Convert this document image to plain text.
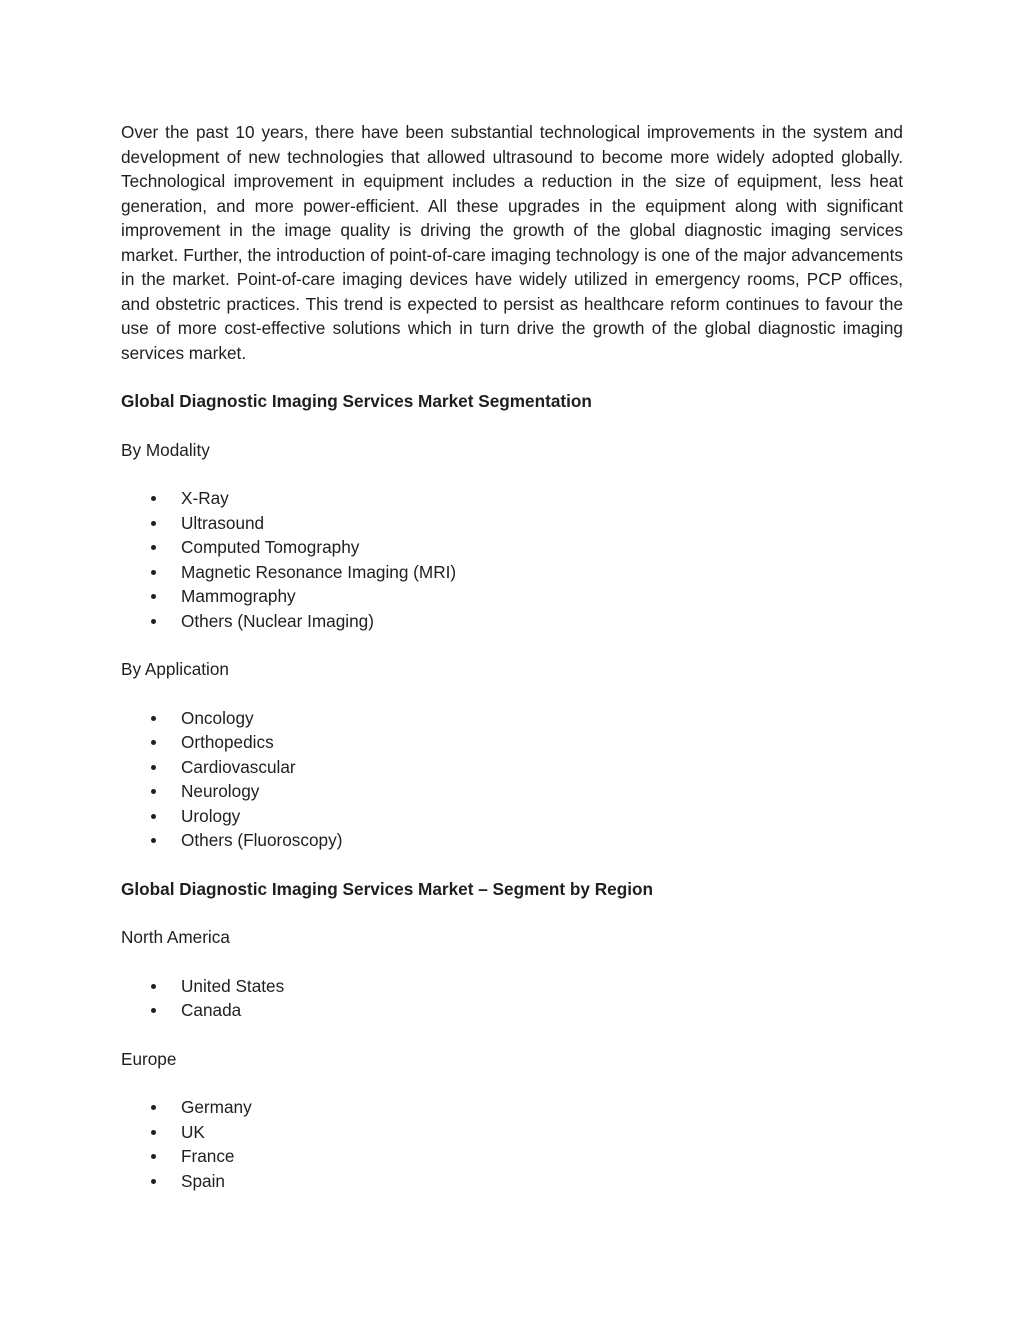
Over the past 10 years, there have been substantial technological improvements in the system and development of new technologies that allowed ultrasound to become more widely adopted globally. Technological improvement in equipment includes a reduction in the size of equipment, less heat generation, and more power-efficient. All these upgrades in the equipment along with significant improvement in the image quality is driving the growth of the global diagnostic imaging services market. Further, the introduction of point-of-care imaging technology is one of the major advancements in the market. Point-of-care imaging devices have widely utilized in emergency rooms, PCP offices, and obstetric practices. This trend is expected to persist as healthcare reform continues to favour the use of more cost-effective solutions which in turn drive the growth of the global diagnostic imaging services market.

Global Diagnostic Imaging Services Market Segmentation

By Modality

X-Ray
Ultrasound
Computed Tomography
Magnetic Resonance Imaging (MRI)
Mammography
Others (Nuclear Imaging)

By Application

Oncology
Orthopedics
Cardiovascular
Neurology
Urology
Others (Fluoroscopy)

Global Diagnostic Imaging Services Market – Segment by Region

North America

United States
Canada

Europe

Germany
UK
France
Spain
